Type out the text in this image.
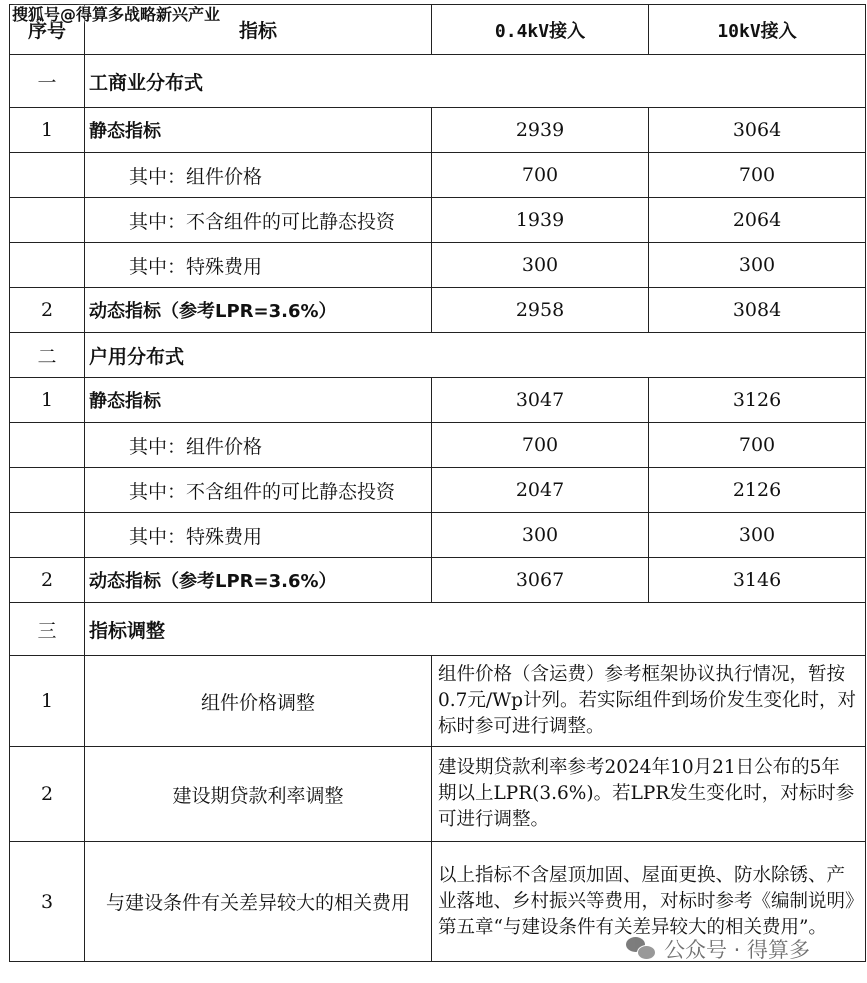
序号	指标	0.4kV接入	10kV接入
一	工商业分布式		
1	静态指标	2939	3064
	其中：组件价格	700	700
	其中：不含组件的可比静态投资	1939	2064
	其中：特殊费用	300	300
2	动态指标（参考LPR=3.6%）	2958	3084
二	户用分布式		
1	静态指标	3047	3126
	其中：组件价格	700	700
	其中：不含组件的可比静态投资	2047	2126
	其中：特殊费用	300	300
2	动态指标（参考LPR=3.6%）	3067	3146
三	指标调整		
1	组件价格调整	组件价格（含运费）参考框架协议执行情况，暂按0.7元/Wp计列。若实际组件到场价发生变化时，对标时参可进行调整。	
2	建设期贷款利率调整	建设期贷款利率参考2024年10月21日公布的5年期以上LPR(3.6%)。若LPR发生变化时，对标时参可进行调整。	
3	与建设条件有关差异较大的相关费用	以上指标不含屋顶加固、屋面更换、防水除锈、产业落地、乡村振兴等费用，对标时参考《编制说明》第五章“与建设条件有关差异较大的相关费用”。	
搜狐号@得算多战略新兴产业
公众号 · 得算多
